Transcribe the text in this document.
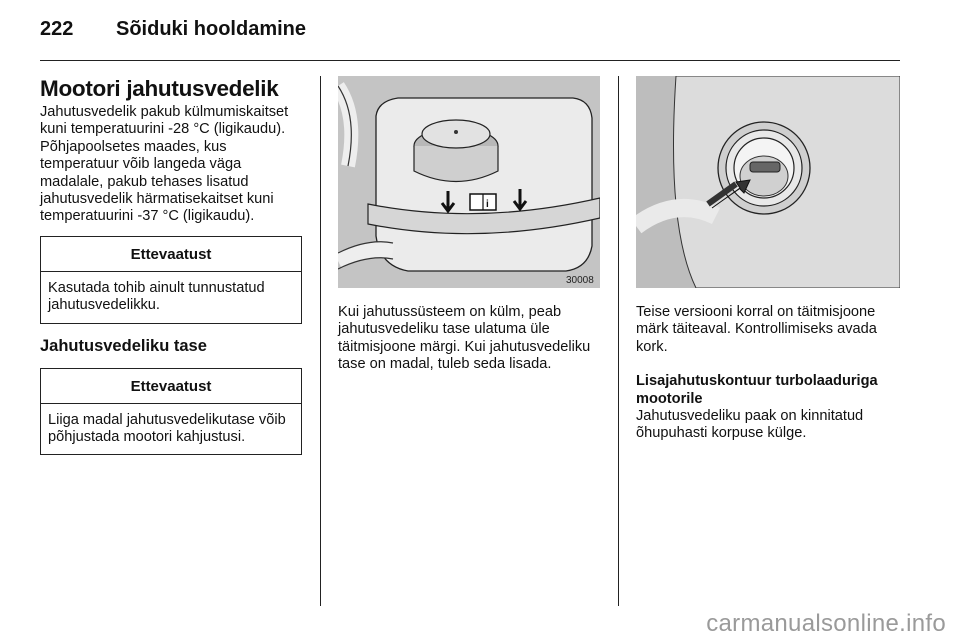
222 Sõiduki hooldamine
Mootori jahutusvedelik

Jahutusvedelik pakub külmumiskaitset kuni temperatuurini -28 °C (ligikaudu). Põhjapoolsetes maades, kus temperatuur võib langeda väga madalale, pakub tehases lisatud jahutusvedelik härmatisekaitset kuni temperatuurini -37 °C (ligikaudu).

Ettevaatust
Kasutada tohib ainult tunnustatud jahutusvedelikku.
Jahutusvedeliku tase
Ettevaatust
Liiga madal jahutusvedelikutase võib põhjustada mootori kahjustusi.
i
30008

Kui jahutussüsteem on külm, peab jahutusvedeliku tase ulatuma üle täitmisjoone märgi. Kui jahutusvedeliku tase on madal, tuleb seda lisada.

Teise versiooni korral on täitmisjoone märk täiteaval. Kontrollimiseks avada kork.

Lisajahutuskontuur turbolaaduriga mootorile

Jahutusvedeliku paak on kinnitatud õhupuhasti korpuse külge.

carmanualsonline.info
